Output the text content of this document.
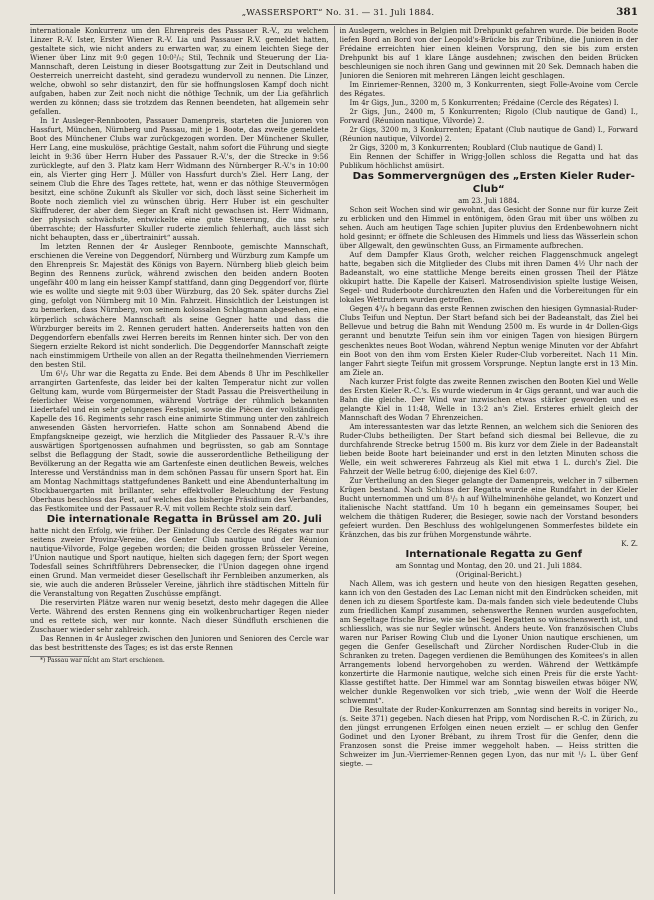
„WASSERSPORT“ No. 31. — 31. Juli 1884.	381

internationale Konkurrenz um den Ehrenpreis des Passauer R.-V., zu welchem Linzer R.-V. Ister, Erster Wiener R.-V. Lia und Passauer R.V. gemeldet hatten, gestaltete sich, wie nicht anders zu erwarten war, zu einem leichten Siege der Wiener über Linz mit 9:0 gegen 10:0²/₅; Stil, Technik und Steuerung der Lia-Mannschaft, deren Leistung in dieser Bootsgattung zur Zeit in Deutschland und Oesterreich unerreicht dasteht, sind geradezu wundervoll zu nennen. Die Linzer, welche, obwohl so sehr distanzirt, den für sie hoffnungslosen Kampf doch nicht aufgaben, haben zur Zeit noch nicht die nöthige Technik, um der Lia gefährlich werden zu können; dass sie trotzdem das Rennen beendeten, hat allgemein sehr gefallen.

In 1r Ausleger-Rennbooten, Passauer Damenpreis, starteten die Junioren von Hassfurt, München, Nürnberg und Passau, mit je 1 Boote, das zweite gemeldete Boot des Münchener Clubs war zurückgezogen worden. Der Münchener Skuller, Herr Lang, eine muskulöse, prächtige Gestalt, nahm sofort die Führung und siegte leicht in 9:36 über Herrn Huber des Passauer R.-V.'s, der die Strecke in 9:56 zurücklegte, auf den 3. Platz kam Herr Widmann des Nürnberger R.-V.'s in 10:00 ein, als Vierter ging Herr J. Müller von Hassfurt durch's Ziel. Herr Lang, der seinem Club die Ehre des Tages rettete, hat, wenn er das nöthige Steuvermögen besitzt, eine schöne Zukunft als Skuller vor sich, doch lässt seine Sicherheit im Boote noch ziemlich viel zu wünschen übrig. Herr Huber ist ein geschulter Skiffruderer, der aber dem Sieger an Kraft nicht gewachsen ist. Herr Widmann, der physisch schwächste, entwickelte eine gute Steuerung, die uns sehr überraschte; der Hassfurter Skuller ruderte ziemlich fehlerhaft, auch lässt sich nicht behaupten, dass er „übertrainirt“ aussah.

Im letzten Rennen der 4r Ausleger Rennboote, gemischte Mannschaft, erschienen die Vereine von Deggendorf, Nürnberg und Würzburg zum Kampfe um den Ehrenpreis Sr. Majestät des Königs von Bayern. Nürnberg blieb gleich beim Beginn des Rennens zurück, während zwischen den beiden andern Booten ungefähr 400 m lang ein heisser Kampf stattfand, dann ging Deggendorf vor, flürte wie es wollte und siegte mit 9:03 über Würzburg, das 20 Sek. später durchs Ziel ging, gefolgt von Nürnberg mit 10 Min. Fahrzeit. Hinsichtlich der Leistungen ist zu bemerken, dass Nürnberg, von seinem kolossalen Schlagmann abgesehen, eine körperlich schwächere Mannschaft als seine Gegner hatte und dass die Würzburger bereits im 2. Rennen gerudert hatten. Andererseits hatten von den Deggendorfern ebenfalls zwei Herren bereits im Rennen hinter sich. Der von den Siegern erzielte Rekord ist nicht sonderlich. Die Deggendorfer Mannschaft zeigte nach einstimmigem Urtheile von allen an der Regatta theilnehmenden Vierriemern den besten Stil.

Um 6¹/₂ Uhr war die Regatta zu Ende. Bei dem Abends 8 Uhr im Peschlkeller arrangirten Gartenfeste, das leider bei der kalten Temperatur nicht zur vollen Geltung kam, wurde vom Bürgermeister der Stadt Passau die Preisvertheilung in feierlicher Weise vorgenommen, während Vorträge der rühmlich bekannten Liedertafel und ein sehr gelungenes Festspiel, sowie die Piècen der vollständigen Kapelle des 16. Regiments sehr rasch eine animirte Stimmung unter den zahlreich anwesenden Gästen hervorriefen. Hatte schon am Sonnabend Abend die Empfangskneipe gezeigt, wie herzlich die Mitglieder des Passauer R.-V.'s ihre auswärtigen Sportgenossen aufnahmen und begrüssten, so gab am Sonntage selbst die Beflaggung der Stadt, sowie die ausserordentliche Betheiligung der Bevölkerung an der Regatta wie am Gartenfeste einen deutlichen Beweis, welches Interesse und Verständniss man in dem schönen Passau für unsern Sport hat. Ein am Montag Nachmittags stattgefundenes Bankett und eine Abendunterhaltung im Stockbauergarten mit brillanter, sehr effektvoller Beleuchtung der Festung Oberhaus beschloss das Fest, auf welches das bisherige Präsidium des Verbandes, das Festkomitee und der Passauer R.-V. mit vollem Rechte stolz sein darf.

Die internationale Regatta in Brüssel am 20. Juli

hatte nicht den Erfolg, wie früher. Der Einladung des Cercle des Régates war nur seitens zweier Provinz-Vereine, des Genter Club nautique und der Réunion nautique-Vilvorde, Folge gegeben worden; die beiden grossen Brüsseler Vereine, l'Union nautique und Sport nautique, hielten sich dagegen fern; der Sport wegen Todesfall seines Schriftführers Debrensecker, die l'Union dagegen ohne irgend einen Grund. Man vermeidet dieser Gesellschaft ihr Fernbleiben anzumerken, als sie, wie auch die anderen Brüsseler Vereine, jährlich ihre städtischen Mitteln für die Veranstaltung von Regatten Zuschüsse empfängt.

Die reservirten Plätze waren nur wenig besetzt, desto mehr dagegen die Allee Verte. Während des ersten Rennens ging ein wolkenbruchartiger Regen nieder und es rettete sich, wer nur konnte. Nach dieser Sündfluth erschienen die Zuschauer wieder sehr zahlreich.

Das Rennen in 4r Ausleger zwischen den Junioren und Senioren des Cercle war das best bestrittenste des Tages; es ist das erste Rennen

*) Passau war nicht am Start erschienen.

in Auslegern, welches in Belgien mit Drehpunkt gefahren wurde. Die beiden Boote liefen Bord an Bord von der Leopold's-Brücke bis zur Tribüne, die Junioren in der Frédaine erreichten hier einen kleinen Vorsprung, den sie bis zum ersten Drehpunkt bis auf 1 klare Länge ausdehnen; zwischen den beiden Brücken beschleunigen sie noch ihren Gang und gewinnen mit 20 Sek. Demnach haben die Junioren die Senioren mit mehreren Längen leicht geschlagen.

Im Einriemer-Rennen, 3200 m, 3 Konkurrenten, siegt Folle-Avoine vom Cercle des Régates.

Im 4r Gigs, Jun., 3200 m, 5 Konkurrenten; Frédaine (Cercle des Régates) I.

2r Gigs, Jun., 2400 m, 5 Konkurrenten; Rigolo (Club nautique de Gand) I., Forward (Réunion nautique, Vilvorde) 2.

2r Gigs, 3200 m, 3 Konkurrenten; Epatant (Club nautique de Gand) I., Forward (Réunion nautique, Vilvorde) 2.

2r Gigs, 3200 m, 3 Konkurrenten; Roublard (Club nautique de Gand) I.

Ein Rennen der Schiffer in Wrigg-Jollen schloss die Regatta und hat das Publikum höchlichst amüsirt.

Das Sommervergnügen des „Ersten Kieler Ruder-Club“

am 23. Juli 1884.

Schon seit Wochen sind wir gewohnt, das Gesicht der Sonne nur für kurze Zeit zu erblicken und den Himmel in entönigem, öden Grau mit über uns wölben zu sehen. Auch am heutigen Tage schien Jupiter pluvius den Erdenbewohnern nicht hold gesinnt; er öffnete die Schleusen des Himmels und liess das Wässerlein schon über Allgewalt, den gewünschten Guss, an Firmamente aufbrechen.

Auf dem Dampfer Klaus Groth, welcher reichen Flaggenschmuck angelegt hatte, begaben sich die Mitglieder des Clubs mit ihren Damen 4½ Uhr nach der Badeanstalt, wo eine stattliche Menge bereits einen grossen Theil der Plätze okkupirt hatte. Die Kapelle der Kaiserl. Matrosendivision spielte lustige Weisen, Segel- und Ruderboote durchkreuzten den Hafen und die Vorbereitungen für ein lokales Wettrudern wurden getroffen.

Gegen 4³/₄ h begann das erste Rennen zwischen den hiesigen Gymnasial-Ruder-Clubs Teifun und Neptun. Der Start befand sich bei der Badeanstalt, das Ziel bei Bellevue und betrug die Bahn mit Wendung 2500 m. Es wurde in 4r Dollen-Gigs gerannt und benutzte Teifun sein ihm vor einigen Tagen von hiesigen Bürgern geschenktes neues Boot Wodan, während Neptun wenige Minuten vor der Abfahrt ein Boot von den ihm vom Ersten Kieler Ruder-Club vorbereitet. Nach 11 Min. langer Fahrt siegte Teifun mit grossem Vorsprunge. Neptun langte erst in 13 Min. am Ziele an.

Nach kurzer Frist folgte das zweite Rennen zwischen den Booten Kiel und Welle des Ersten Kieler R.-C.'s. Es wurde wiederum in 4r Gigs gerannt, und war auch die Bahn die gleiche. Der Wind war inzwischen etwas stärker geworden und es gelangte Kiel in 11:48, Welle in 13:2 an's Ziel. Ersteres erhielt gleich der Mannschaft des Wodan 7 Ehrenzeichen.

Am interessantesten war das letzte Rennen, an welchem sich die Senioren des Ruder-Clubs betheiligten. Der Start befand sich diesmal bei Bellevue, die zu durchfahrende Strecke betrug 1500 m. Bis kurz vor dem Ziele in der Badeanstalt lieben beide Boote hart beieinander und erst in den letzten Minuten schoss die Welle, ein weit schwereres Fahrzeug als Kiel mit etwa 1 L. durch's Ziel. Die Fahrzeit der Welle betrug 6:00, diejenige des Kiel 6:07.

Zur Vertheilung an den Sieger gelangte der Damenpreis, welcher in 7 silbernen Krügen bestand. Nach Schluss der Regatta wurde eine Rundfahrt in der Kieler Bucht unternommen und um 8¹/₂ h auf Wilhelminenhöhe gelandet, wo Konzert und italienische Nacht stattfand. Um 10 h begann ein gemeinsames Souper, bei welchem die thätigen Ruderer, die Besieger, sowie nach der Vorstand besonders gefeiert wurden. Den Beschluss des wohlgelungenen Sommerfestes bildete ein Kränzchen, das bis zur frühen Morgenstunde währte.

K. Z.

Internationale Regatta zu Genf

am Sonntag und Montag, den 20. und 21. Juli 1884.

(Original-Bericht.)

Nach Allem, was ich gestern und heute von den hiesigen Regatten gesehen, kann ich von den Gestaden des Lac Leman nicht mit den Eindrücken scheiden, mit denen ich zu diesem Sportfeste kam. Da-mals fanden sich viele bedeutende Clubs zum friedlichen Kampf zusammen, sehenswerthe Rennen wurden ausgefochten, am Segeltage frische Brise, wie sie bei Segel Regatten so wünschenswerth ist, und schliesslich, was sie nur Segler wünscht. Anders heute. Von französischen Clubs waren nur Pariser Rowing Club und die Lyoner Union nautique erschienen, um gegen die Genfer Gesellschaft und Zürcher Nordischen Ruder-Club in die Schranken zu treten. Dagegen verdienen die Bemühungen des Komitees's in allen Arrangements lobend hervorgehoben zu werden. Während der Wettkämpfe konzertirte die Harmonie nautique, welche sich einen Preis für die erste Yacht-Klasse gestiftet hatte. Der Himmel war am Sonntag bisweilen etwas böiger NW, welcher dunkle Regenwolken vor sich trieb, „wie wenn der Wolf die Heerde schwemmt“.

Die Resultate der Ruder-Konkurrenzen am Sonntag sind bereits in voriger No., (s. Seite 371) gegeben. Nach diesen hat Pripp, vom Nordischen R.-C. in Zürich, zu den jüngst errungenen Erfolgen einen neuen erzielt — er schlug den Genfer Godinet und den Lyoner Brébant, zu ihrem Trost für die Genfer, denn die Franzosen sonst die Preise immer weggeholt haben. — Heiss stritten die Schweizer im Jun.-Vierriemer-Rennen gegen Lyon, das nur mit ¹/₂ L. über Genf siegte. —
